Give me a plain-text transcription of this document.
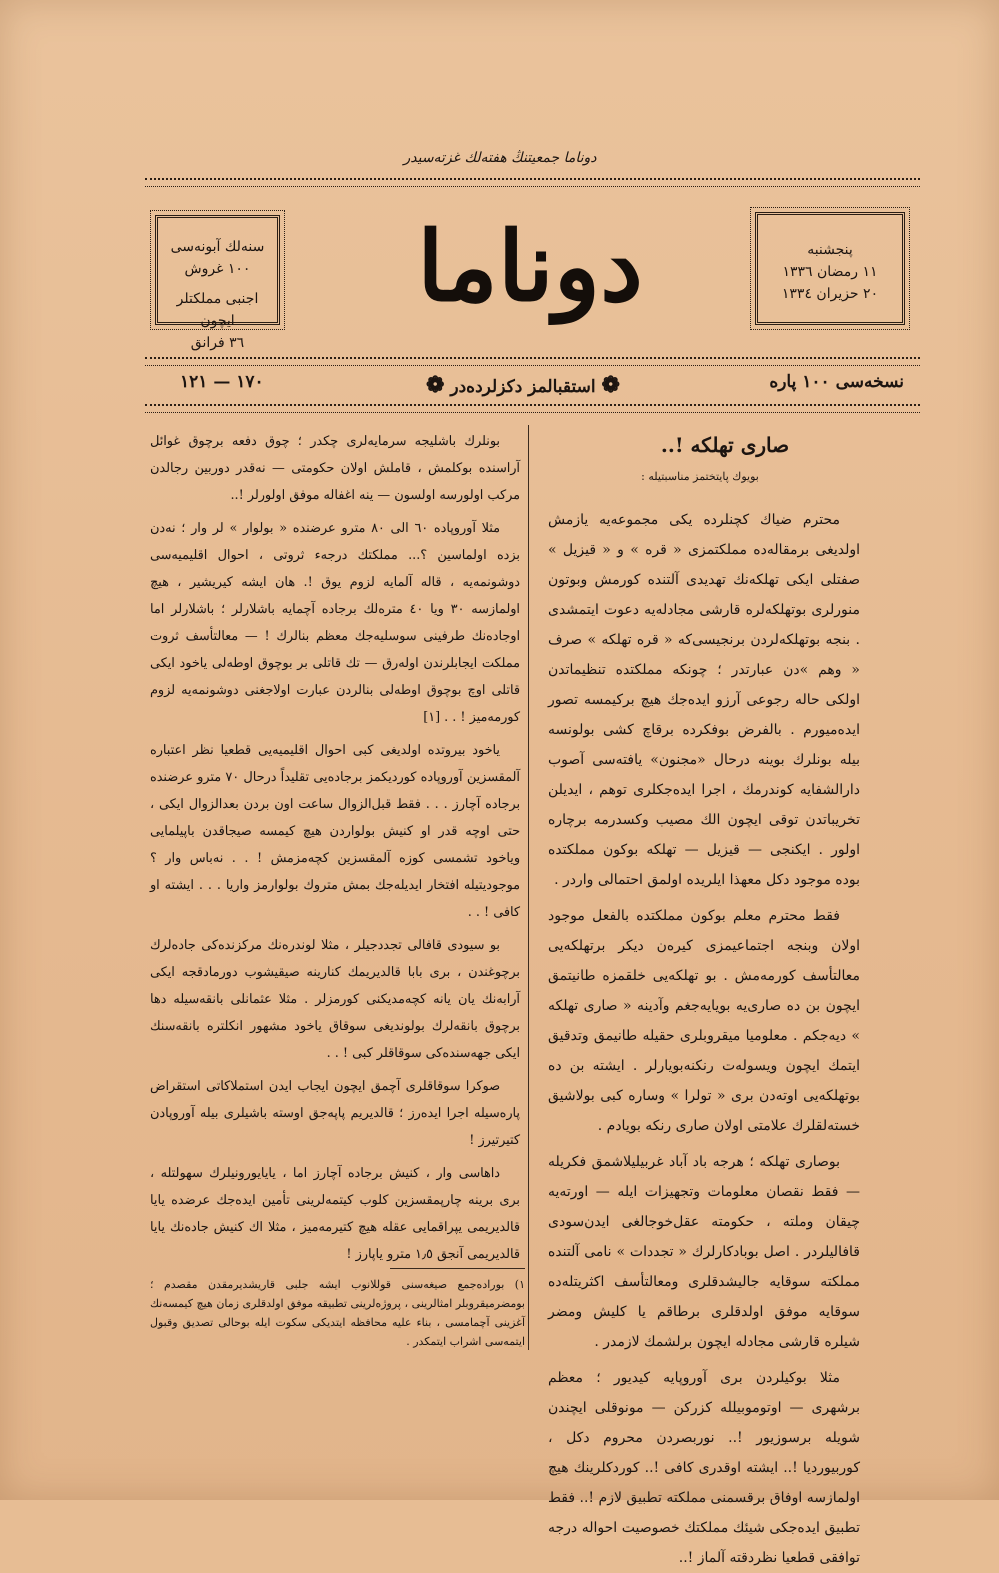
دوناما جمعیتنڭ هفتەلك غزته‌سیدر
سنەلك آبونەسی
١٠٠ غروش
اجنبی مملکتلر ایچون
٣٦ فرانق
دوناما	پنجشنبه
١١ رمضان ١٣٣٦
٢٠ حزیران ١٣٣٤
نسخه‌سی ١٠٠ پاره
❁ استقبالمز دکزلرده‌در ❁
١٧٠ — ١٢١
صاری تهلکه !..
بویوك پایتختمز مناسبتیله :

محترم ضیاك كچنلرده یكی مجموعه‌یه یازمش اولدیغی برمقاله‌ده مملکتمزی « قره » و « قیزیل » صفتلی ایکی تهلکه‌نك تهدیدی آلتنده كورمش وبوتون منورلری بوتهلکه‌لره قارشی مجادله‌یه دعوت ایتمشدی . بنجه بوتهلکه‌لردن برنجیسی‌كه « قره تهلکه » صرف « وهم »دن عبارتدر ؛ چونکه مملکتده تنظیماتدن اولکی حاله رجوعی آرزو ایده‌جك هیچ بركیمسه تصور ایده‌میورم . بالفرض بوفکرده برقاچ كشی بولونسه بیله بونلرك بوینه درحال «مجنون» یافته‌سی آصوب دارالشفایه كوندرمك ، اجرا ایده‌جكلری توهم ، ایدیلن تخریباتدن توقی ایچون الك مصیب وكسدرمه برچاره اولور . ایکنجی — قیزیل — تهلکه بوكون مملکتده بوده موجود دكل معهذا ایلریده اولمق احتمالی واردر .

فقط محترم معلم بوكون مملکتده بالفعل موجود اولان وبنجه اجتماعیمزی كیرەن دیکر برتهلکه‌یی معالتأسف كورمه‌مش . بو تهلکه‌یی خلقمزه طانیتمق ایچون بن ده صاری‌یه بویایه‌جغم وآدینه « صاری تهلکه » دیه‌جکم . معلومیا میقروبلری حقیله طانیمق وتدقیق ایتمك ایچون ویسولەت رنکنه‌بویارلر . ایشته بن ده بوتهلکه‌یی اوته‌دن بری « تولرا » وساره كبی بولاشیق خسته‌لقلرك علامتی اولان صاری رنکه بویادم .

بوصاری تهلکه ؛ هرجه باد آباد غربیلیلاشمق فکریله — فقط نقصان معلومات وتجهیزات ایله — اورته‌یه چیقان وملته ، حکومته عقل‌خوجالغی ایدن‌سودی قافالیلردر . اصل بوبادكارلرك « تجددات » نامی آلتنده مملکته سوقایه جالیشدقلری ومعالتأسف اكثریتله‌ده سوقایه موفق اولدقلری برطاقم یا كلیش ومضر شیلره قارشی مجادله ایچون برلشمك لازمدر .

مثلا بوكیلردن بری آوروپایه كیدیور ؛ معظم برشهری — اوتوموبیلله كزركن — مونوقلی ایچندن شویله برسوزیور !.. نوربصردن محروم دكل ، كوربیوردیا !.. ایشته اوقدری كافی !.. كوردكلرینك هیچ اولمازسه اوفاق برقسمنی مملکته تطبیق لازم !.. فقط تطبیق ایده‌جکی شیئك مملکتك خصوصیت احواله درجه توافقی قطعیا نظردقته آلماز !..

بونلرك باشلیجه سرمایه‌لری چکدر ؛ چوق دفعه برچوق غوائل آراسنده بوكلمش ، قاملش اولان حکومتی — نه‌قدر دوربین رجالدن مرکب اولورسه اولسون — ینه اغفاله موفق اولورلر !..

مثلا آوروپاده ٦٠ الی ٨٠ مترو عرضنده « بولوار » لر وار ؛ نه‌دن بزده اولماسین ؟... مملکتك درجه‌ء ثروتی ، احوال اقلیمیه‌سی دوشونمه‌یه ، قاله آلمایه لزوم یوق !. هان ایشه كیریشیر ، هیچ اولمازسه ٣٠ ویا ٤٠ مترەلك برجاده آچمایه باشلارلر ؛ باشلارلر اما اوجاده‌نك طرفینی سوسلیه‌جك معظم بنالرك ! — معالتأسف ثروت مملکت ایجابلرندن اوله‌رق — تك قاتلی بر بوچوق اوطه‌لی یاخود ایکی قاتلی اوچ بوچوق اوطه‌لی بنالردن عبارت اولاجغنی دوشونمه‌یه لزوم كورمه‌میز ! . . [١]

یاخود بیروتده اولدیغی كبی احوال اقلیمیه‌یی قطعیا نظر اعتباره آلمقسزین آوروپاده كوردیکمز برجاده‌یی تقلیداً درحال ٧٠ مترو عرضنده برجاده آچارز . . . فقط قبل‌الزوال ساعت اون بردن بعدالزوال ایکی ، حتی اوچه قدر او كنیش بولواردن هیچ كیمسه صیجاقدن باپیلمایی ویاخود تشمسی كوزه آلمقسزین كچه‌مزمش ! . . نه‌باس وار ؟ موجودیتیله افتخار ایدیله‌جك بمش متروك بولوارمز واریا . . . ایشته او كافی ! . .

بو سیودی قافالی تجددجیلر ، مثلا لوندره‌نك مركزنده‌كی جاده‌لرك برچوغندن ، بری بابا قالدیریمك كنارینه صیقیشوب دورمادقجه ایکی آرابه‌نك یان یانه كچه‌مدیکنی كورمزلر . مثلا عثمانلی بانقه‌سیله دها برچوق بانقه‌لرك بولوندیغی سوقاق یاخود مشهور انکلتره بانقه‌سنك ایکی جهه‌سنده‌كی سوقاقلر كبی ! . .

صوكرا سوقاقلری آچمق ایچون ایجاب ایدن استملاكاتی استقراض پاره‌سیله اجرا ایدەرز ؛ قالدیریم پاپه‌جق اوسته باشیلری بیله آوروپادن كتیرتیرز !

داهاسی وار ، كنیش برجاده آچارز اما ، یایایورونیلرك سهولتله ، بری برینه چارپمقسزین كلوب كیتمه‌لرینی تأمین ایده‌جك عرضده یایا قالدیریمی یپراقمایی عقله هیچ كتیرمه‌میز ، مثلا اك كنیش جاده‌نك یایا قالدیریمی آنجق ١٫٥ مترو یاپارز !

١) بوراده‌جمع صیغه‌سنی قوللانوب ایشه جلبی قاریشدیرمقدن مقصدم ؛ بومضرمیقروبلر امثالرینی ، پروژه‌لرینی تطبیقه موفق اولدقلری زمان هیچ كیمسه‌نك آغزینی آچمامسی ، بناء علیه محافظه ایتدیکی سکوت ایله بوحالی تصدیق وقبول ایتمه‌سی اشراب ایتمکدر .
